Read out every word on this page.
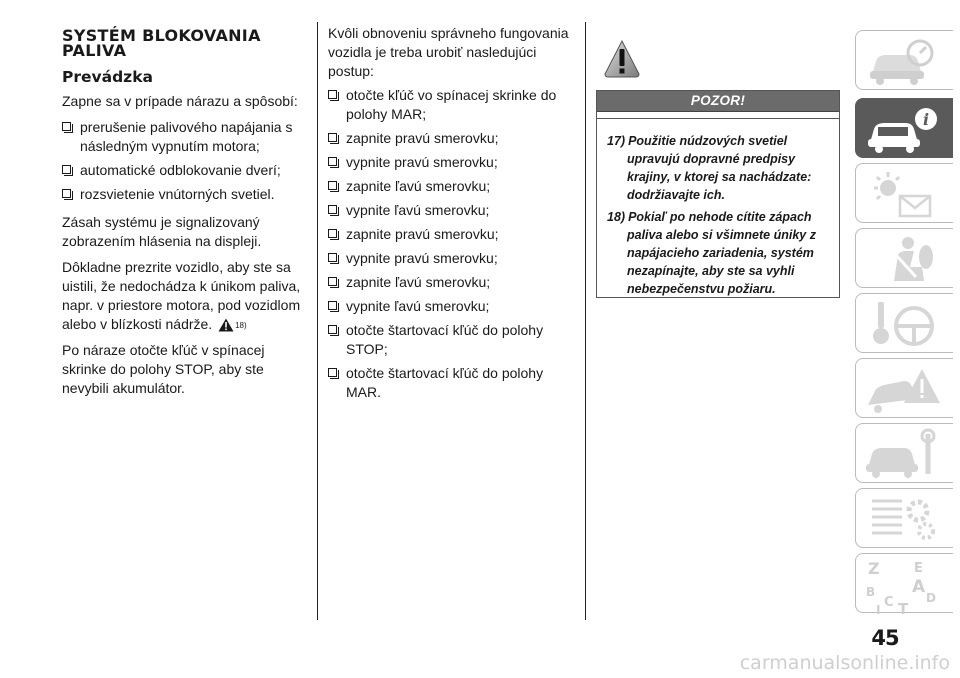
SYSTÉM BLOKOVANIA PALIVA
Prevádzka

Zapne sa v prípade nárazu a spôsobí:

prerušenie palivového napájania s následným vypnutím motora;
automatické odblokovanie dverí;
rozsvietenie vnútorných svetiel.

Zásah systému je signalizovaný zobrazením hlásenia na displeji.

Dôkladne prezrite vozidlo, aby ste sa uistili, že nedochádza k únikom paliva, napr. v priestore motora, pod vozidlom alebo v blízkosti nádrže.	18)

Po náraze otočte kľúč v spínacej skrinke do polohy STOP, aby ste nevybili akumulátor.

Kvôli obnoveniu správneho fungovania vozidla je treba urobiť nasledujúci postup:

otočte kľúč vo spínacej skrinke do polohy MAR;
zapnite pravú smerovku;
vypnite pravú smerovku;
zapnite ľavú smerovku;
vypnite ľavú smerovku;
zapnite pravú smerovku;
vypnite pravú smerovku;
zapnite ľavú smerovku;
vypnite ľavú smerovku;
otočte štartovací kľúč do polohy STOP;
otočte štartovací kľúč do polohy MAR.
POZOR!

17) Použitie núdzových svetiel upravujú dopravné predpisy krajiny, v ktorej sa nachádzate: dodržiavajte ich.

18) Pokiaľ po nehode cítite zápach paliva alebo si všimnete úniky z napájacieho zariadenia, systém nezapínajte, aby ste sa vyhli nebezpečenstvu požiaru.

i
Z	E
B A
C	D
T
I
45
carmanualsonline.info
